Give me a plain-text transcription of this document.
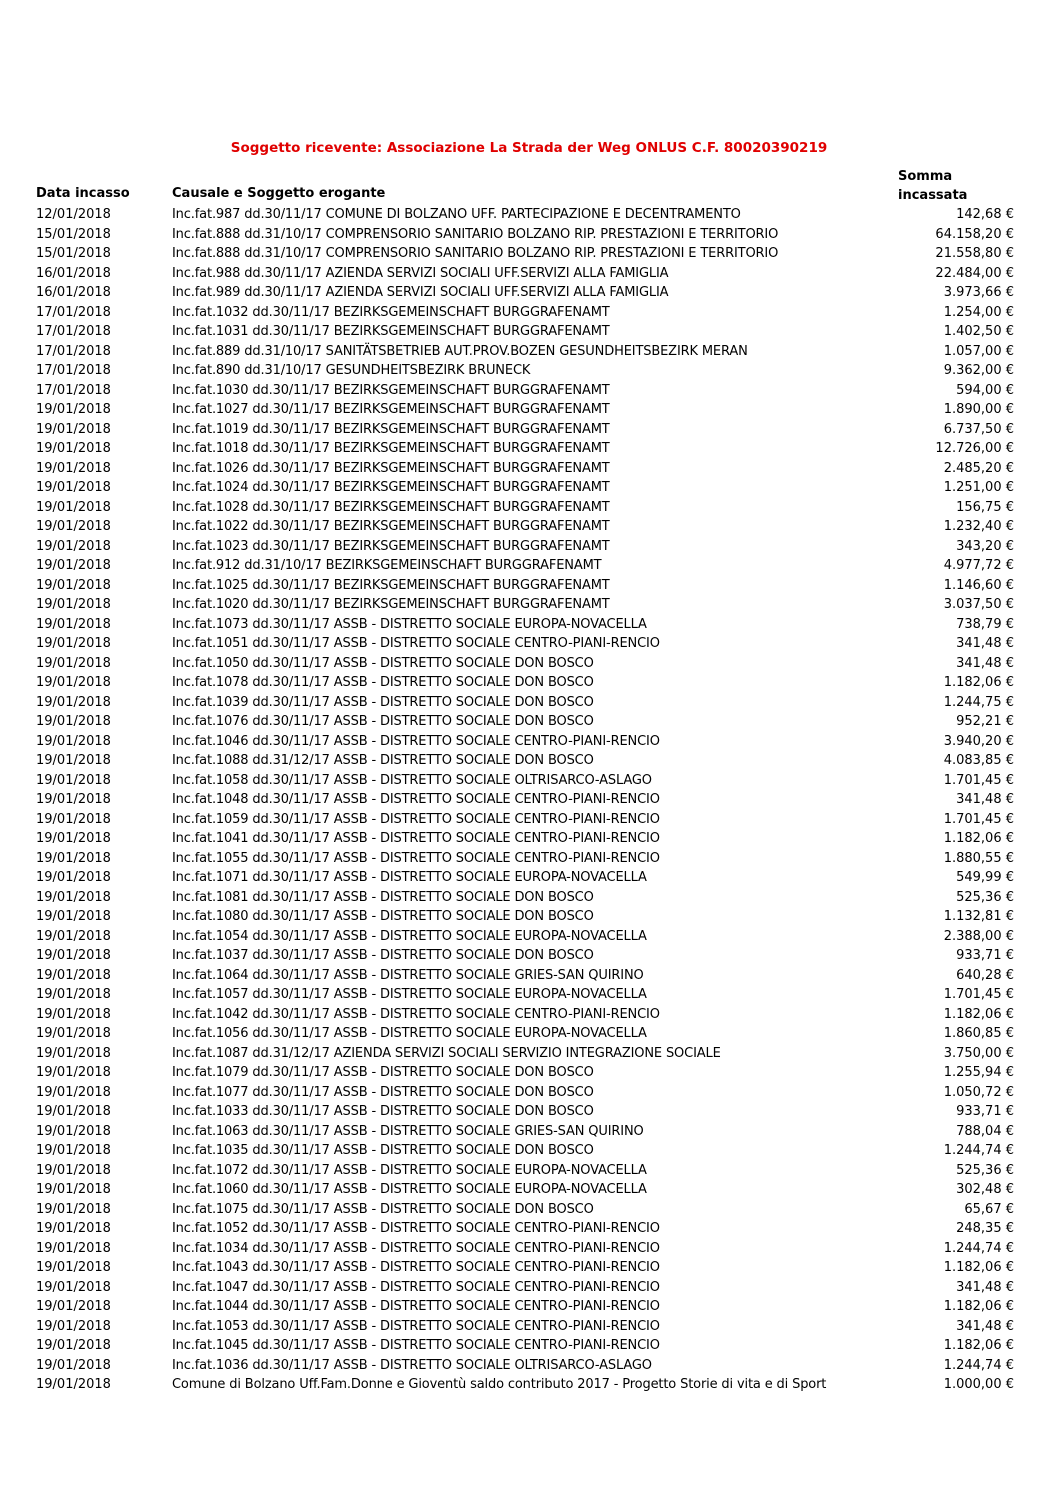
Soggetto ricevente: Associazione La Strada der Weg ONLUS C.F. 80020390219
Data incasso	Causale e Soggetto erogante
Somma
incassata
12/01/2018	Inc.fat.987 dd.30/11/17 COMUNE DI BOLZANO UFF. PARTECIPAZIONE E DECENTRAMENTO	142,68 €
15/01/2018	Inc.fat.888 dd.31/10/17 COMPRENSORIO SANITARIO BOLZANO RIP. PRESTAZIONI E TERRITORIO	64.158,20 €
15/01/2018	Inc.fat.888 dd.31/10/17 COMPRENSORIO SANITARIO BOLZANO RIP. PRESTAZIONI E TERRITORIO	21.558,80 €
16/01/2018	Inc.fat.988 dd.30/11/17 AZIENDA SERVIZI SOCIALI UFF.SERVIZI ALLA FAMIGLIA	22.484,00 €
16/01/2018	Inc.fat.989 dd.30/11/17 AZIENDA SERVIZI SOCIALI UFF.SERVIZI ALLA FAMIGLIA	3.973,66 €
17/01/2018	Inc.fat.1032 dd.30/11/17 BEZIRKSGEMEINSCHAFT BURGGRAFENAMT	1.254,00 €
17/01/2018	Inc.fat.1031 dd.30/11/17 BEZIRKSGEMEINSCHAFT BURGGRAFENAMT	1.402,50 €
17/01/2018	Inc.fat.889 dd.31/10/17 SANITÄTSBETRIEB AUT.PROV.BOZEN GESUNDHEITSBEZIRK MERAN	1.057,00 €
17/01/2018	Inc.fat.890 dd.31/10/17 GESUNDHEITSBEZIRK BRUNECK	9.362,00 €
17/01/2018	Inc.fat.1030 dd.30/11/17 BEZIRKSGEMEINSCHAFT BURGGRAFENAMT	594,00 €
19/01/2018	Inc.fat.1027 dd.30/11/17 BEZIRKSGEMEINSCHAFT BURGGRAFENAMT	1.890,00 €
19/01/2018	Inc.fat.1019 dd.30/11/17 BEZIRKSGEMEINSCHAFT BURGGRAFENAMT	6.737,50 €
19/01/2018	Inc.fat.1018 dd.30/11/17 BEZIRKSGEMEINSCHAFT BURGGRAFENAMT	12.726,00 €
19/01/2018	Inc.fat.1026 dd.30/11/17 BEZIRKSGEMEINSCHAFT BURGGRAFENAMT	2.485,20 €
19/01/2018	Inc.fat.1024 dd.30/11/17 BEZIRKSGEMEINSCHAFT BURGGRAFENAMT	1.251,00 €
19/01/2018	Inc.fat.1028 dd.30/11/17 BEZIRKSGEMEINSCHAFT BURGGRAFENAMT	156,75 €
19/01/2018	Inc.fat.1022 dd.30/11/17 BEZIRKSGEMEINSCHAFT BURGGRAFENAMT	1.232,40 €
19/01/2018	Inc.fat.1023 dd.30/11/17 BEZIRKSGEMEINSCHAFT BURGGRAFENAMT	343,20 €
19/01/2018	Inc.fat.912 dd.31/10/17 BEZIRKSGEMEINSCHAFT BURGGRAFENAMT	4.977,72 €
19/01/2018	Inc.fat.1025 dd.30/11/17 BEZIRKSGEMEINSCHAFT BURGGRAFENAMT	1.146,60 €
19/01/2018	Inc.fat.1020 dd.30/11/17 BEZIRKSGEMEINSCHAFT BURGGRAFENAMT	3.037,50 €
19/01/2018	Inc.fat.1073 dd.30/11/17 ASSB - DISTRETTO SOCIALE EUROPA-NOVACELLA	738,79 €
19/01/2018	Inc.fat.1051 dd.30/11/17 ASSB - DISTRETTO SOCIALE CENTRO-PIANI-RENCIO	341,48 €
19/01/2018	Inc.fat.1050 dd.30/11/17 ASSB - DISTRETTO SOCIALE DON BOSCO	341,48 €
19/01/2018	Inc.fat.1078 dd.30/11/17 ASSB - DISTRETTO SOCIALE DON BOSCO	1.182,06 €
19/01/2018	Inc.fat.1039 dd.30/11/17 ASSB - DISTRETTO SOCIALE DON BOSCO	1.244,75 €
19/01/2018	Inc.fat.1076 dd.30/11/17 ASSB - DISTRETTO SOCIALE DON BOSCO	952,21 €
19/01/2018	Inc.fat.1046 dd.30/11/17 ASSB - DISTRETTO SOCIALE CENTRO-PIANI-RENCIO	3.940,20 €
19/01/2018	Inc.fat.1088 dd.31/12/17 ASSB - DISTRETTO SOCIALE DON BOSCO	4.083,85 €
19/01/2018	Inc.fat.1058 dd.30/11/17 ASSB - DISTRETTO SOCIALE OLTRISARCO-ASLAGO	1.701,45 €
19/01/2018	Inc.fat.1048 dd.30/11/17 ASSB - DISTRETTO SOCIALE CENTRO-PIANI-RENCIO	341,48 €
19/01/2018	Inc.fat.1059 dd.30/11/17 ASSB - DISTRETTO SOCIALE CENTRO-PIANI-RENCIO	1.701,45 €
19/01/2018	Inc.fat.1041 dd.30/11/17 ASSB - DISTRETTO SOCIALE CENTRO-PIANI-RENCIO	1.182,06 €
19/01/2018	Inc.fat.1055 dd.30/11/17 ASSB - DISTRETTO SOCIALE CENTRO-PIANI-RENCIO	1.880,55 €
19/01/2018	Inc.fat.1071 dd.30/11/17 ASSB - DISTRETTO SOCIALE EUROPA-NOVACELLA	549,99 €
19/01/2018	Inc.fat.1081 dd.30/11/17 ASSB - DISTRETTO SOCIALE DON BOSCO	525,36 €
19/01/2018	Inc.fat.1080 dd.30/11/17 ASSB - DISTRETTO SOCIALE DON BOSCO	1.132,81 €
19/01/2018	Inc.fat.1054 dd.30/11/17 ASSB - DISTRETTO SOCIALE EUROPA-NOVACELLA	2.388,00 €
19/01/2018	Inc.fat.1037 dd.30/11/17 ASSB - DISTRETTO SOCIALE DON BOSCO	933,71 €
19/01/2018	Inc.fat.1064 dd.30/11/17 ASSB - DISTRETTO SOCIALE GRIES-SAN QUIRINO	640,28 €
19/01/2018	Inc.fat.1057 dd.30/11/17 ASSB - DISTRETTO SOCIALE EUROPA-NOVACELLA	1.701,45 €
19/01/2018	Inc.fat.1042 dd.30/11/17 ASSB - DISTRETTO SOCIALE CENTRO-PIANI-RENCIO	1.182,06 €
19/01/2018	Inc.fat.1056 dd.30/11/17 ASSB - DISTRETTO SOCIALE EUROPA-NOVACELLA	1.860,85 €
19/01/2018	Inc.fat.1087 dd.31/12/17 AZIENDA SERVIZI SOCIALI SERVIZIO INTEGRAZIONE SOCIALE	3.750,00 €
19/01/2018	Inc.fat.1079 dd.30/11/17 ASSB - DISTRETTO SOCIALE DON BOSCO	1.255,94 €
19/01/2018	Inc.fat.1077 dd.30/11/17 ASSB - DISTRETTO SOCIALE DON BOSCO	1.050,72 €
19/01/2018	Inc.fat.1033 dd.30/11/17 ASSB - DISTRETTO SOCIALE DON BOSCO	933,71 €
19/01/2018	Inc.fat.1063 dd.30/11/17 ASSB - DISTRETTO SOCIALE GRIES-SAN QUIRINO	788,04 €
19/01/2018	Inc.fat.1035 dd.30/11/17 ASSB - DISTRETTO SOCIALE DON BOSCO	1.244,74 €
19/01/2018	Inc.fat.1072 dd.30/11/17 ASSB - DISTRETTO SOCIALE EUROPA-NOVACELLA	525,36 €
19/01/2018	Inc.fat.1060 dd.30/11/17 ASSB - DISTRETTO SOCIALE EUROPA-NOVACELLA	302,48 €
19/01/2018	Inc.fat.1075 dd.30/11/17 ASSB - DISTRETTO SOCIALE DON BOSCO	65,67 €
19/01/2018	Inc.fat.1052 dd.30/11/17 ASSB - DISTRETTO SOCIALE CENTRO-PIANI-RENCIO	248,35 €
19/01/2018	Inc.fat.1034 dd.30/11/17 ASSB - DISTRETTO SOCIALE CENTRO-PIANI-RENCIO	1.244,74 €
19/01/2018	Inc.fat.1043 dd.30/11/17 ASSB - DISTRETTO SOCIALE CENTRO-PIANI-RENCIO	1.182,06 €
19/01/2018	Inc.fat.1047 dd.30/11/17 ASSB - DISTRETTO SOCIALE CENTRO-PIANI-RENCIO	341,48 €
19/01/2018	Inc.fat.1044 dd.30/11/17 ASSB - DISTRETTO SOCIALE CENTRO-PIANI-RENCIO	1.182,06 €
19/01/2018	Inc.fat.1053 dd.30/11/17 ASSB - DISTRETTO SOCIALE CENTRO-PIANI-RENCIO	341,48 €
19/01/2018	Inc.fat.1045 dd.30/11/17 ASSB - DISTRETTO SOCIALE CENTRO-PIANI-RENCIO	1.182,06 €
19/01/2018	Inc.fat.1036 dd.30/11/17 ASSB - DISTRETTO SOCIALE OLTRISARCO-ASLAGO	1.244,74 €
19/01/2018	Comune di Bolzano Uff.Fam.Donne e Gioventù saldo contributo 2017 - Progetto Storie di vita e di Sport	1.000,00 €
